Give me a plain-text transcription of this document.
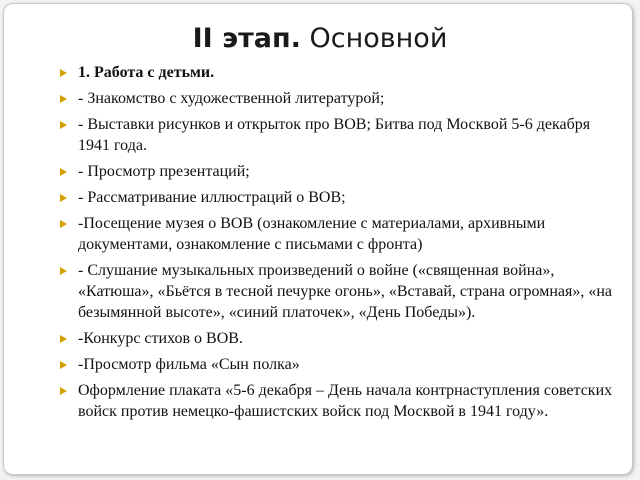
II этап. Основной
1. Работа с детьми.
- Знакомство с художественной литературой;
- Выставки рисунков и открыток про ВОВ; Битва под Москвой 5-6 декабря 1941 года.
- Просмотр презентаций;
- Рассматривание иллюстраций о ВОВ;
-Посещение музея о ВОВ (ознакомление с материалами, архивными документами, ознакомление с письмами с фронта)
- Слушание музыкальных произведений о войне («священная война», «Катюша», «Бьётся в тесной печурке огонь», «Вставай, страна огромная», «на безымянной высоте», «синий платочек», «День Победы»).
-Конкурс стихов о ВОВ.
-Просмотр фильма «Сын полка»
Оформление плаката «5-6 декабря – День начала контрнаступления советских войск против немецко-фашистских войск под Москвой в 1941 году».
